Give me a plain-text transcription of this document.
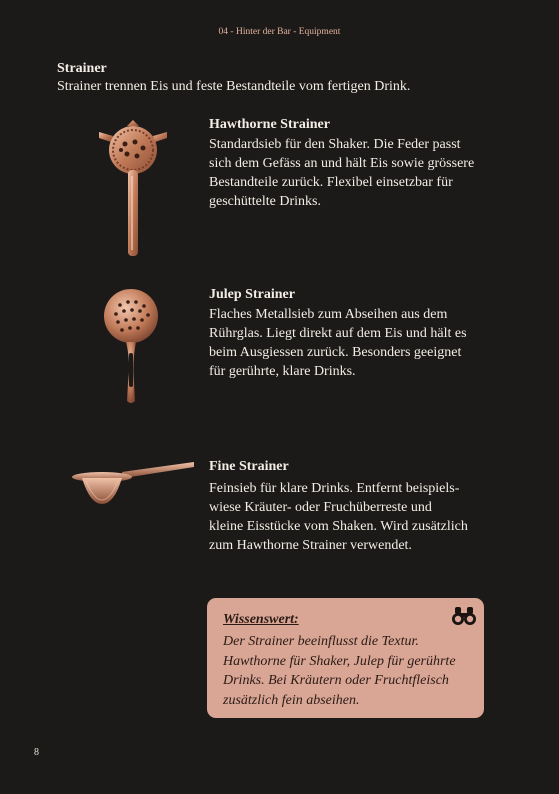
04 - Hinter der Bar - Equipment
Strainer
Strainer trennen Eis und feste Bestandteile vom fertigen Drink.
Hawthorne Strainer
Standardsieb für den Shaker. Die Feder passt
sich dem Gefäss an und hält Eis sowie grössere
Bestandteile zurück. Flexibel einsetzbar für
geschüttelte Drinks.
Julep Strainer
Flaches Metallsieb zum Abseihen aus dem
Rührglas. Liegt direkt auf dem Eis und hält es
beim Ausgiessen zurück. Besonders geeignet
für gerührte, klare Drinks.
Fine Strainer
Feinsieb für klare Drinks. Entfernt beispiels-
wiese Kräuter- oder Fruchüberreste und
kleine Eisstücke vom Shaken. Wird zusätzlich
zum Hawthorne Strainer verwendet.
Wissenswert:
Der Strainer beeinflusst die Textur.
Hawthorne für Shaker, Julep für gerührte
Drinks. Bei Kräutern oder Fruchtfleisch
zusätzlich fein abseihen.
8
